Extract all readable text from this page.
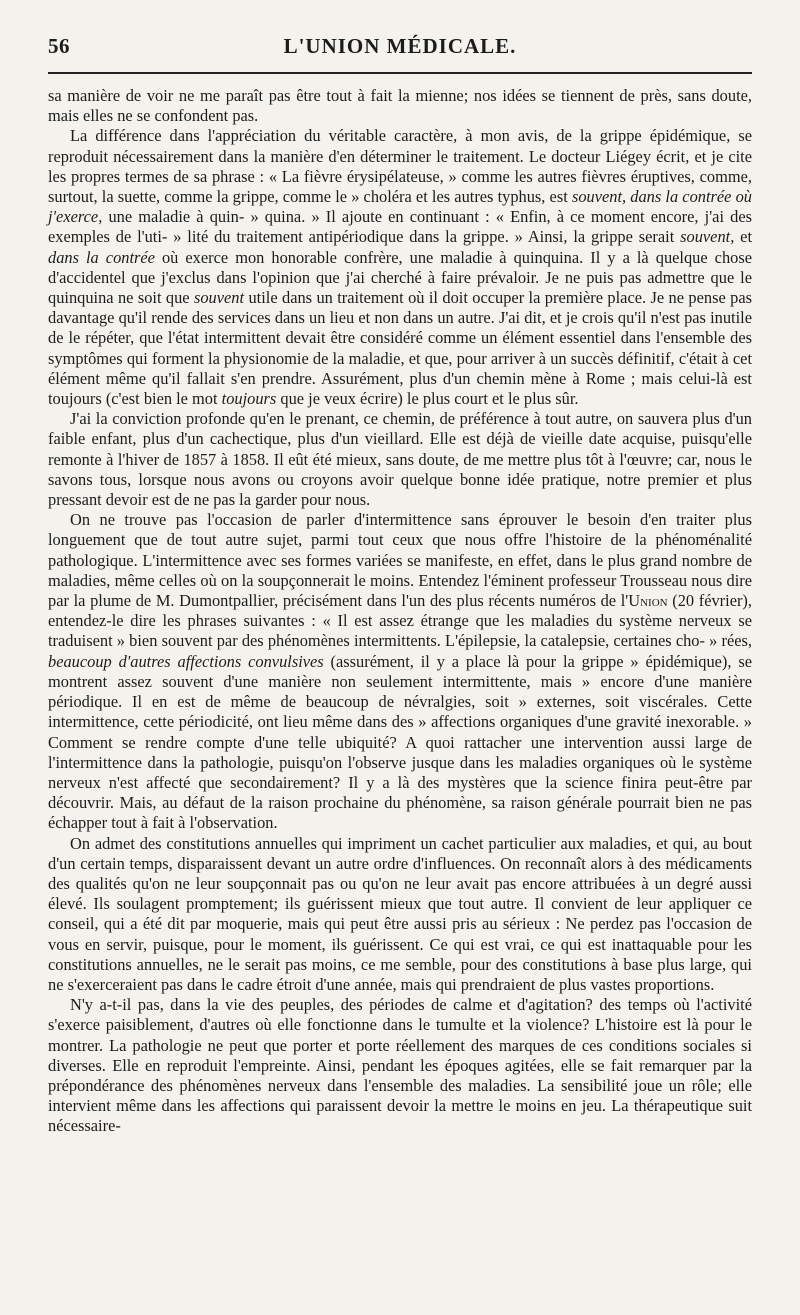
56	L'UNION MÉDICALE.

sa manière de voir ne me paraît pas être tout à fait la mienne; nos idées se tiennent de près, sans doute, mais elles ne se confondent pas.

La différence dans l'appréciation du véritable caractère, à mon avis, de la grippe épidémique, se reproduit nécessairement dans la manière d'en déterminer le traitement. Le docteur Liégey écrit, et je cite les propres termes de sa phrase : « La fièvre érysipélateuse, » comme les autres fièvres éruptives, comme, surtout, la suette, comme la grippe, comme le » choléra et les autres typhus, est souvent, dans la contrée où j'exerce, une maladie à quin- » quina. » Il ajoute en continuant : « Enfin, à ce moment encore, j'ai des exemples de l'uti- » lité du traitement antipériodique dans la grippe. » Ainsi, la grippe serait souvent, et dans la contrée où exerce mon honorable confrère, une maladie à quinquina. Il y a là quelque chose d'accidentel que j'exclus dans l'opinion que j'ai cherché à faire prévaloir. Je ne puis pas admettre que le quinquina ne soit que souvent utile dans un traitement où il doit occuper la première place. Je ne pense pas davantage qu'il rende des services dans un lieu et non dans un autre. J'ai dit, et je crois qu'il n'est pas inutile de le répéter, que l'état intermittent devait être considéré comme un élément essentiel dans l'ensemble des symptômes qui forment la physionomie de la maladie, et que, pour arriver à un succès définitif, c'était à cet élément même qu'il fallait s'en prendre. Assurément, plus d'un chemin mène à Rome ; mais celui-là est toujours (c'est bien le mot toujours que je veux écrire) le plus court et le plus sûr.

J'ai la conviction profonde qu'en le prenant, ce chemin, de préférence à tout autre, on sauvera plus d'un faible enfant, plus d'un cachectique, plus d'un vieillard. Elle est déjà de vieille date acquise, puisqu'elle remonte à l'hiver de 1857 à 1858. Il eût été mieux, sans doute, de me mettre plus tôt à l'œuvre; car, nous le savons tous, lorsque nous avons ou croyons avoir quelque bonne idée pratique, notre premier et plus pressant devoir est de ne pas la garder pour nous.

On ne trouve pas l'occasion de parler d'intermittence sans éprouver le besoin d'en traiter plus longuement que de tout autre sujet, parmi tout ceux que nous offre l'histoire de la phénoménalité pathologique. L'intermittence avec ses formes variées se manifeste, en effet, dans le plus grand nombre de maladies, même celles où on la soupçonnerait le moins. Entendez l'éminent professeur Trousseau nous dire par la plume de M. Dumontpallier, précisément dans l'un des plus récents numéros de l'Union (20 février), entendez-le dire les phrases suivantes : « Il est assez étrange que les maladies du système nerveux se traduisent » bien souvent par des phénomènes intermittents. L'épilepsie, la catalepsie, certaines cho- » rées, beaucoup d'autres affections convulsives (assurément, il y a place là pour la grippe » épidémique), se montrent assez souvent d'une manière non seulement intermittente, mais » encore d'une manière périodique. Il en est de même de beaucoup de névralgies, soit » externes, soit viscérales. Cette intermittence, cette périodicité, ont lieu même dans des » affections organiques d'une gravité inexorable. » Comment se rendre compte d'une telle ubiquité? A quoi rattacher une intervention aussi large de l'intermittence dans la pathologie, puisqu'on l'observe jusque dans les maladies organiques où le système nerveux n'est affecté que secondairement? Il y a là des mystères que la science finira peut-être par découvrir. Mais, au défaut de la raison prochaine du phénomène, sa raison générale pourrait bien ne pas échapper tout à fait à l'observation.

On admet des constitutions annuelles qui impriment un cachet particulier aux maladies, et qui, au bout d'un certain temps, disparaissent devant un autre ordre d'influences. On reconnaît alors à des médicaments des qualités qu'on ne leur soupçonnait pas ou qu'on ne leur avait pas encore attribuées à un degré aussi élevé. Ils soulagent promptement; ils guérissent mieux que tout autre. Il convient de leur appliquer ce conseil, qui a été dit par moquerie, mais qui peut être aussi pris au sérieux : Ne perdez pas l'occasion de vous en servir, puisque, pour le moment, ils guérissent. Ce qui est vrai, ce qui est inattaquable pour les constitutions annuelles, ne le serait pas moins, ce me semble, pour des constitutions à base plus large, qui ne s'exerceraient pas dans le cadre étroit d'une année, mais qui prendraient de plus vastes proportions.

N'y a-t-il pas, dans la vie des peuples, des périodes de calme et d'agitation? des temps où l'activité s'exerce paisiblement, d'autres où elle fonctionne dans le tumulte et la violence? L'histoire est là pour le montrer. La pathologie ne peut que porter et porte réellement des marques de ces conditions sociales si diverses. Elle en reproduit l'empreinte. Ainsi, pendant les époques agitées, elle se fait remarquer par la prépondérance des phénomènes nerveux dans l'ensemble des maladies. La sensibilité joue un rôle; elle intervient même dans les affections qui paraissent devoir la mettre le moins en jeu. La thérapeutique suit nécessaire-
